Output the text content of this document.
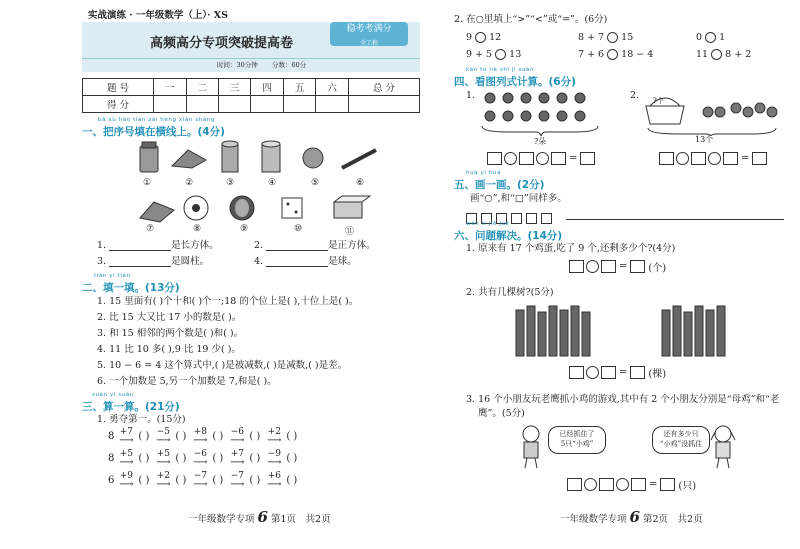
实战演练 · 一年级数学（上）· XS
高频高分专项突破提高卷
稳考考满分
全工程
时间：30分钟 分数：60分
题 号	一	二	三	四	五	六	总 分
得 分							
bǎ xù hào tián zài héng xiàn shàng
一、把序号填在横线上。(4分)
①	②	③	④	⑤	⑥
⑦	⑧	⑨	⑩	⑪
1.	是长方体。	2.	是正方体。
3.	是圆柱。	4.	是球。
tián yi tián
二、填一填。(13分)
1. 15 里面有( )个十和( )个一;18 的个位上是( ),十位上是( )。
2. 比 15 大又比 17 小的数是( )。
3. 和 15 相邻的两个数是( )和( )。
4. 11 比 10 多( ),9 比 19 少( )。
5. 10 − 6 = 4 这个算式中,( )是被减数,( )是减数,( )是差。
6. 一个加数是 5,另一个加数是 7,和是( )。
suàn yi suàn
三、算一算。(21分)
1. 勇夺第一。(15分)
8 +7
⟶ ( ) −5
⟶ ( ) +8
⟶ ( ) −6
⟶ ( ) +2
⟶ ( )
8 +5
⟶ ( ) +5
⟶ ( ) −6
⟶ ( ) +7
⟶ ( ) −9
⟶ ( )
6 +9
⟶ ( ) +2
⟶ ( ) −7
⟶ ( ) −7
⟶ ( ) +6
⟶ ( )
一年级数学专项 6 第1页　共2页
2. 在○里填上“>”“<”或“=”。(6分)
9 12	8 + 7 15	0 1
9 + 5 13	7 + 6 18 − 4	11 8 + 2
kàn tú liè shì jì suàn
四、看图列式计算。(6分)
1.
?朵
=
2. ?个
13个
=
huà yi huà
五、画一画。(2分)
画“○”,和“□”同样多。
wèn tí jiě jué
六、问题解决。(14分)
1. 原来有 17 个鸡蛋,吃了 9 个,还剩多少个?(4分)
= (个)
2. 共有几棵树?(5分)
= (棵)
3. 16 个小朋友玩老鹰抓小鸡的游戏,其中有 2 个小朋友分别是“母鸡”和“老
鹰”。(5分)
已经抓住了
5只“小鸡”
还有多少只
“小鸡”没抓住
= (只)
一年级数学专项 6 第2页　共2页
